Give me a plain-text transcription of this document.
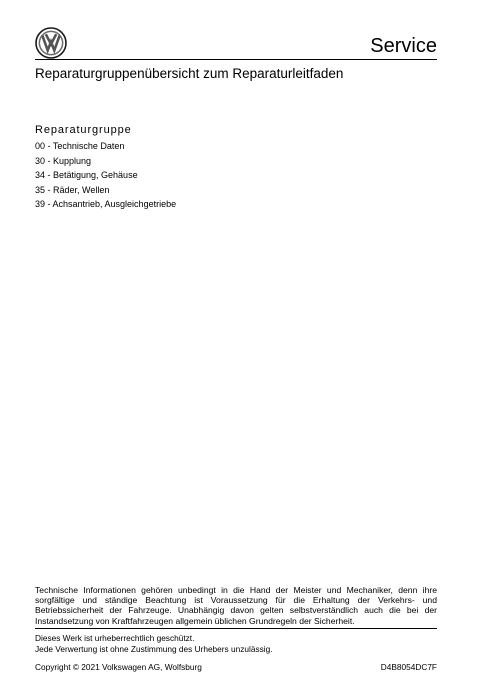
Service
Reparaturgruppenübersicht zum Reparaturleitfaden
Reparaturgruppe
00 - Technische Daten
30 - Kupplung
34 - Betätigung, Gehäuse
35 - Räder, Wellen
39 - Achsantrieb, Ausgleichgetriebe
Technische Informationen gehören unbedingt in die Hand der Meister und Mechaniker, denn ihre sorgfältige und ständige Beachtung ist Voraussetzung für die Erhaltung der Verkehrs- und Betriebssicherheit der Fahrzeuge. Unabhängig davon gelten selbstverständlich auch die bei der Instandsetzung von Kraftfahrzeugen allgemein üblichen Grundregeln der Sicherheit.
Dieses Werk ist urheberrechtlich geschützt.
Jede Verwertung ist ohne Zustimmung des Urhebers unzulässig.
Copyright © 2021 Volkswagen AG, Wolfsburg	D4B8054DC7F
